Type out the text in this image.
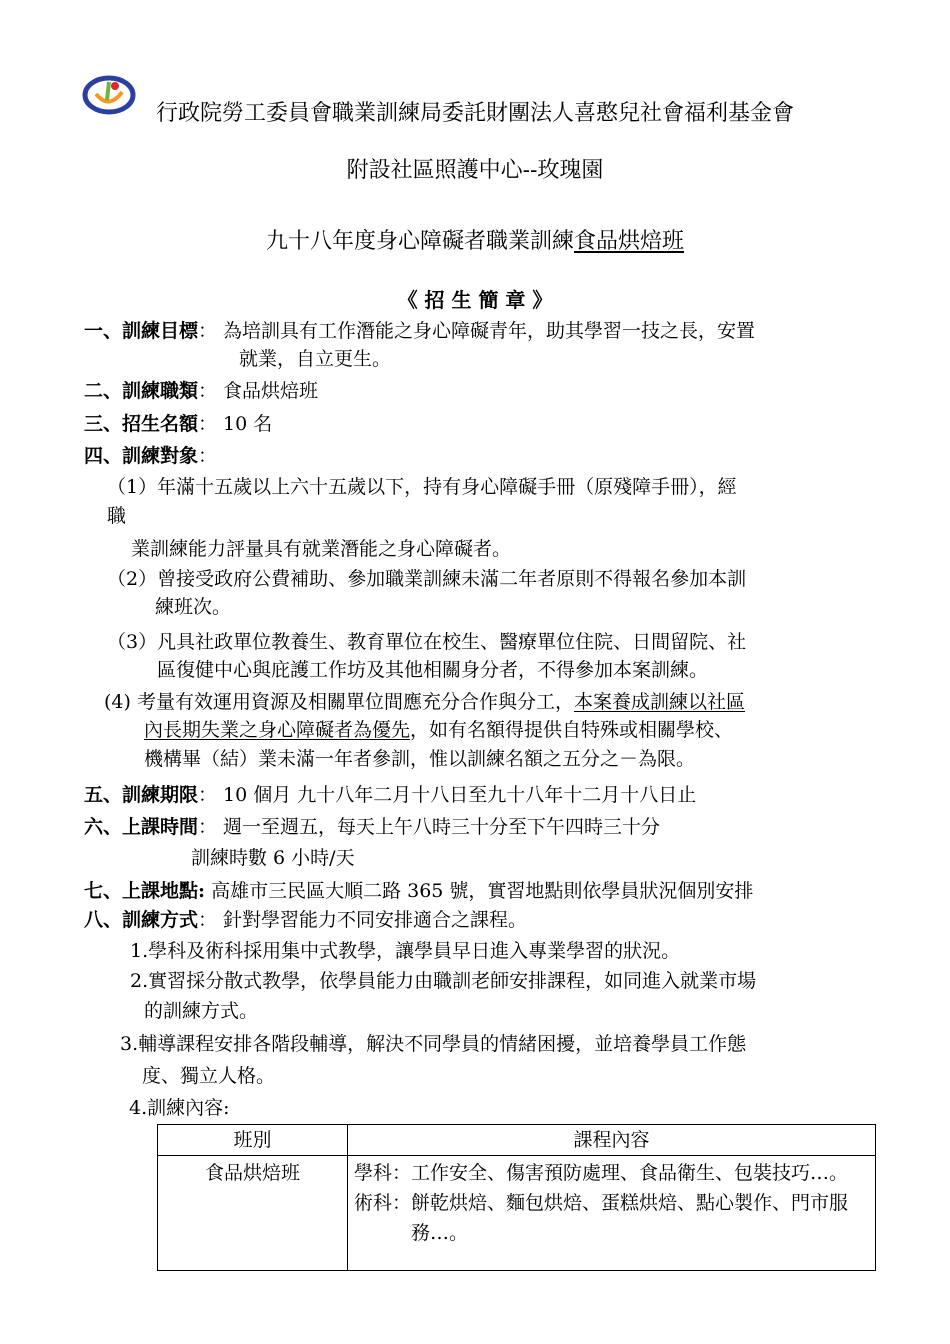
行政院勞工委員會職業訓練局委託財團法人喜憨兒社會福利基金會
附設社區照護中心--玫瑰園
九十八年度身心障礙者職業訓練食品烘焙班
《 招 生 簡 章 》
一、訓練目標： 為培訓具有工作潛能之身心障礙青年，助其學習一技之長，安置
就業，自立更生。
二、訓練職類： 食品烘焙班
三、招生名額： 10 名
四、訓練對象：
（1）年滿十五歲以上六十五歲以下，持有身心障礙手冊（原殘障手冊），經
職
業訓練能力評量具有就業潛能之身心障礙者。
（2）曾接受政府公費補助、參加職業訓練未滿二年者原則不得報名參加本訓
練班次。
（3）凡具社政單位教養生、教育單位在校生、醫療單位住院、日間留院、社
區復健中心與庇護工作坊及其他相關身分者，不得參加本案訓練。
(4) 考量有效運用資源及相關單位間應充分合作與分工，本案養成訓練以社區
內長期失業之身心障礙者為優先，如有名額得提供自特殊或相關學校、
機構畢（結）業未滿一年者參訓，惟以訓練名額之五分之－為限。
五、訓練期限： 10 個月 九十八年二月十八日至九十八年十二月十八日止
六、上課時間： 週一至週五，每天上午八時三十分至下午四時三十分
訓練時數 6 小時/天
七、上課地點: 高雄市三民區大順二路 365 號，實習地點則依學員狀況個別安排
八、訓練方式： 針對學習能力不同安排適合之課程。
1.學科及術科採用集中式教學，讓學員早日進入專業學習的狀況。
2.實習採分散式教學，依學員能力由職訓老師安排課程，如同進入就業市場
的訓練方式。
3.輔導課程安排各階段輔導，解決不同學員的情緒困擾，並培養學員工作態
度、獨立人格。
4.訓練內容:
班別	課程內容
食品烘焙班	學科： 工作安全、傷害預防處理、食品衛生、包裝技巧…。
術科： 餅乾烘焙、麵包烘焙、蛋糕烘焙、點心製作、門市服務…。
